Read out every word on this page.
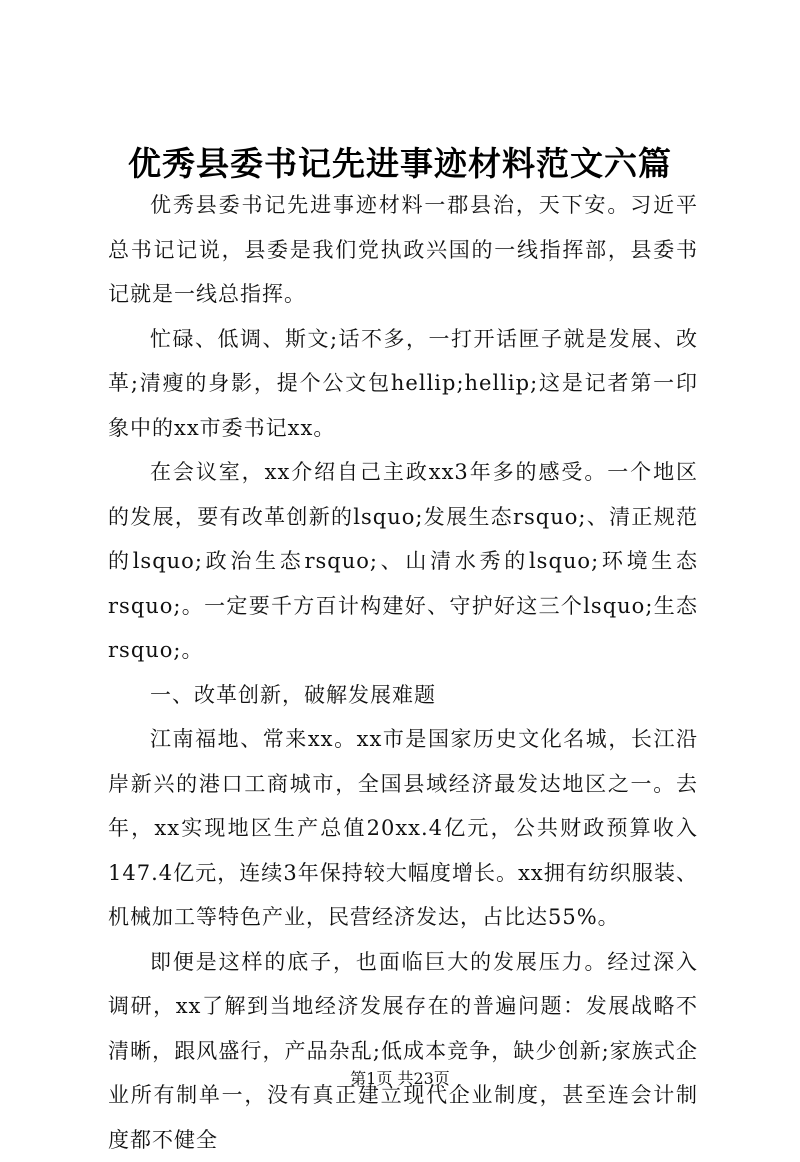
优秀县委书记先进事迹材料范文六篇

优秀县委书记先进事迹材料一郡县治，天下安。习近平总书记记说，县委是我们党执政兴国的一线指挥部，县委书记就是一线总指挥。

忙碌、低调、斯文;话不多，一打开话匣子就是发展、改革;清瘦的身影，提个公文包hellip;hellip;这是记者第一印象中的xx市委书记xx。

在会议室，xx介绍自己主政xx3年多的感受。一个地区的发展，要有改革创新的lsquo;发展生态rsquo;、清正规范的lsquo;政治生态rsquo;、山清水秀的lsquo;环境生态rsquo;。一定要千方百计构建好、守护好这三个lsquo;生态rsquo;。

一、改革创新，破解发展难题

江南福地、常来xx。xx市是国家历史文化名城，长江沿岸新兴的港口工商城市，全国县域经济最发达地区之一。去年，xx实现地区生产总值20xx.4亿元，公共财政预算收入147.4亿元，连续3年保持较大幅度增长。xx拥有纺织服装、机械加工等特色产业，民营经济发达，占比达55%。

即便是这样的底子，也面临巨大的发展压力。经过深入调研，xx了解到当地经济发展存在的普遍问题：发展战略不清晰，跟风盛行，产品杂乱;低成本竞争，缺少创新;家族式企业所有制单一，没有真正建立现代企业制度，甚至连会计制度都不健全

第1页 共23页
